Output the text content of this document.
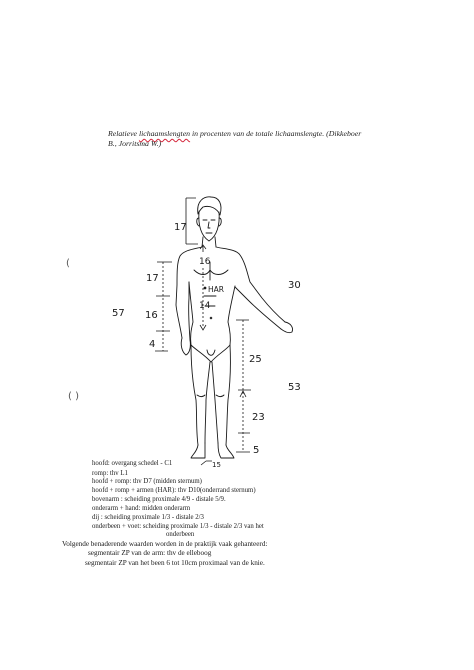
Relatieve lichaamslengten in procenten van de totale lichaamslengte. (Dikkeboer
B., Jorritsma W.)
(
( )
17
16
HAR
14
17
16
4
57
30
25
53
23
5
15
hoofd: overgang schedel - C1
romp: thv L1
hoofd + romp: thv D7 (midden sternum)
hoofd + romp + armen (HAR): thv D10(onderrand sternum)
bovenarm : scheiding proximale 4/9 - distale 5/9.
onderarm + hand: midden onderarm
dij : scheiding proximale 1/3 - distale 2/3
onderbeen + voet: scheiding proximale 1/3 - distale 2/3 van het
onderbeen
Volgende benaderende waarden worden in de praktijk vaak gehanteerd:
segmentair ZP van de arm: thv de elleboog
segmentair ZP van het been 6 tot 10cm proximaal van de knie.
